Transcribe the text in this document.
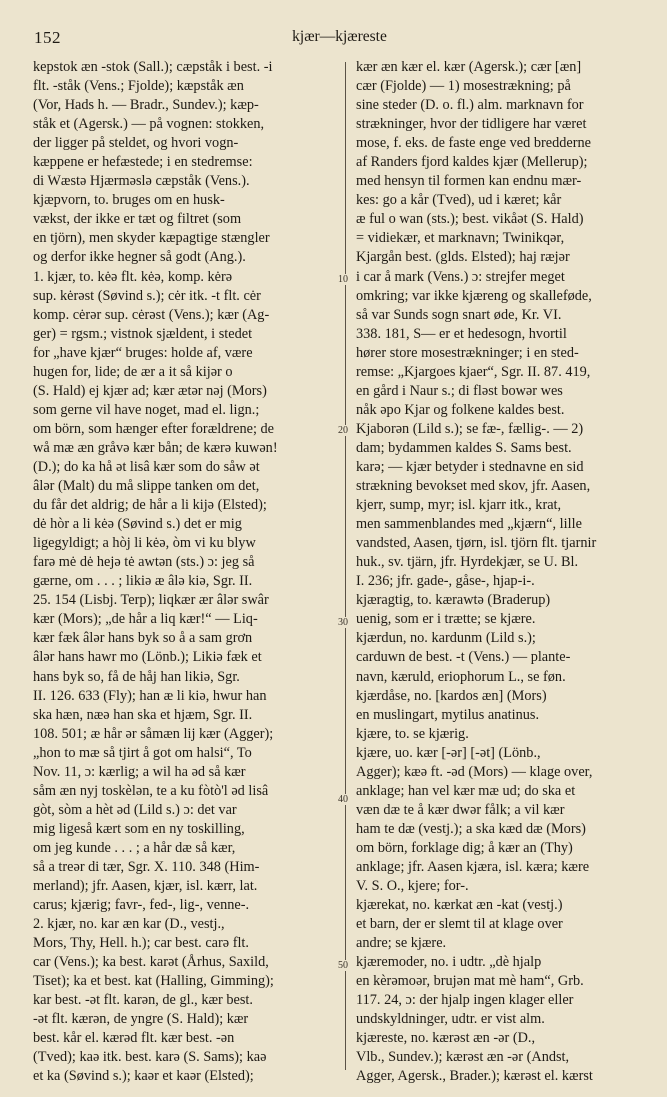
152	kjær—kjæreste
kepstok æn -stok (Sall.); cæpståk i best. -i
flt. -ståk (Vens.; Fjolde); kæpståk æn
(Vor, Hads h. — Bradr., Sundev.); kæp-
ståk et (Agersk.) — på vognen: stokken,
der ligger på steldet, og hvori vogn-
kæppene er hefæstede; i en stedremse:
di Wæstə Hjærməslə cæpståk (Vens.).
kjæpvorn, to. bruges om en husk-
vækst, der ikke er tæt og filtret (som
en tjörn), men skyder kæpagtige stængler
og derfor ikke hegner så godt (Ang.).
1. kjær, to. kėə flt. kėə, komp. kėrə
sup. kėrəst (Søvind s.); cėr itk. -t flt. cėr
komp. cėrər sup. cėrəst (Vens.); kær (Ag-
ger) = rgsm.; vistnok sjældent, i stedet
for „have kjær“ bruges: holde af, være
hugen for, lide; de ær a it så kijər o
(S. Hald) ej kjær ad; kær ætər nəj (Mors)
som gerne vil have noget, mad el. lign.;
om börn, som hænger efter forældrene; de
wå mæ æn gråvə kær bån; de kærə kuwən!
(D.); do ka hå ət lisâ kær som do såw ət
âlər (Malt) du må slippe tanken om det,
du får det aldrig; de hår a li kijə (Elsted);
dė hòr a li kėə (Søvind s.) det er mig
ligegyldigt; a hòj li kėə, òm vi ku blyw
farə mė dė hejə tė awtən (sts.) ɔ: jeg så
gærne, om . . . ; likiə æ âlə kiə, Sgr. II.
25. 154 (Lisbj. Terp); liqkær ær âlər swâr
kær (Mors); „de hår a liq kær!“ — Liq-
kær fæk âlər hans byk so å a sam grơn
âlər hans hawr mo (Lönb.); Likiə fæk et
hans byk so, få de håj han likiə, Sgr.
II. 126. 633 (Fly); han æ li kiə, hwur han
ska hæn, næə han ska et hjæm, Sgr. II.
108. 501; æ hår ər såmæn lij kær (Agger);
„hon to mæ så tjirt å got om halsi“, To
Nov. 11, ɔ: kærlig; a wil ha əd så kær
såm æn nyj toskèlən, te a ku fòtò'l əd lisâ
gòt, sòm a hèt əd (Lild s.) ɔ: det var
mig ligeså kært som en ny toskilling,
om jeg kunde . . . ; a hår dæ så kær,
så a treər di tær, Sgr. X. 110. 348 (Him-
merland); jfr. Aasen, kjær, isl. kærr, lat.
carus; kjærig; favr-, fed-, lig-, venne-.
2. kjær, no. kar æn kar (D., vestj.,
Mors, Thy, Hell. h.); car best. carə flt.
car (Vens.); ka best. karət (Århus, Saxild,
Tiset); ka et best. kat (Halling, Gimming);
kar best. -ət flt. karən, de gl., kær best.
-ət flt. kærən, de yngre (S. Hald); kær
best. kår el. kærəd flt. kær best. -ən
(Tved); kaə itk. best. karə (S. Sams); kaə
et ka (Søvind s.); kaər et kaər (Elsted);
kær æn kær el. kær (Agersk.); cær [æn]
cær (Fjolde) — 1) mosestrækning; på
sine steder (D. o. fl.) alm. marknavn for
strækninger, hvor der tidligere har været
mose, f. eks. de faste enge ved bredderne
af Randers fjord kaldes kjær (Mellerup);
med hensyn til formen kan endnu mær-
kes: go a kår (Tved), ud i kæret; kår
æ ful o wan (sts.); best. vikåət (S. Hald)
= vidiekær, et marknavn; Twinikqər,
Kjargån best. (glds. Elsted); haj ræjər
i car å mark (Vens.) ɔ: strejfer meget
omkring; var ikke kjæreng og skalleføde,
så var Sunds sogn snart øde, Kr. VI.
338. 181, S— er et hedesogn, hvortil
hører store mosestrækninger; i en sted-
remse: „Kjargoes kjaer“, Sgr. II. 87. 419,
en gård i Naur s.; di fləst bowər wes
nåk əpo Kjar og folkene kaldes best.
Kjaborən (Lild s.); se fæ-, fællig-. — 2)
dam; bydammen kaldes S. Sams best.
karə; — kjær betyder i stednavne en sid
strækning bevokset med skov, jfr. Aasen,
kjerr, sump, myr; isl. kjarr itk., krat,
men sammenblandes med „kjærn“, lille
vandsted, Aasen, tjørn, isl. tjörn flt. tjarnir
huk., sv. tjärn, jfr. Hyrdekjær, se U. Bl.
I. 236; jfr. gade-, gåse-, hjap-i-.
kjæragtig, to. kærawtə (Braderup)
uenig, som er i trætte; se kjære.
kjærdun, no. kardunm (Lild s.);
carduwn de best. -t (Vens.) — plante-
navn, kæruld, eriophorum L., se føn.
kjærdåse, no. [kardos æn] (Mors)
en muslingart, mytilus anatinus.
kjære, to. se kjærig.
kjære, uo. kær [-ər] [-ət] (Lönb.,
Agger); kæə ft. -əd (Mors) — klage over,
anklage; han vel kær mæ ud; do ska et
væn dæ te å kær dwər fålk; a vil kær
ham te dæ (vestj.); a ska kæd dæ (Mors)
om börn, forklage dig; å kær an (Thy)
anklage; jfr. Aasen kjæra, isl. kæra; kære
V. S. O., kjere; for-.
kjærekat, no. kærkat æn -kat (vestj.)
et barn, der er slemt til at klage over
andre; se kjære.
kjæremoder, no. i udtr. „dè hjalp
en kèrəmoər, brujən mat mè ham“, Grb.
117. 24, ɔ: der hjalp ingen klager eller
undskyldninger, udtr. er vist alm.
kjæreste, no. kærəst æn -ər (D.,
Vlb., Sundev.); kærəst æn -ər (Andst,
Agger, Agersk., Brader.); kærəst el. kærst
10
20
30
40
50
